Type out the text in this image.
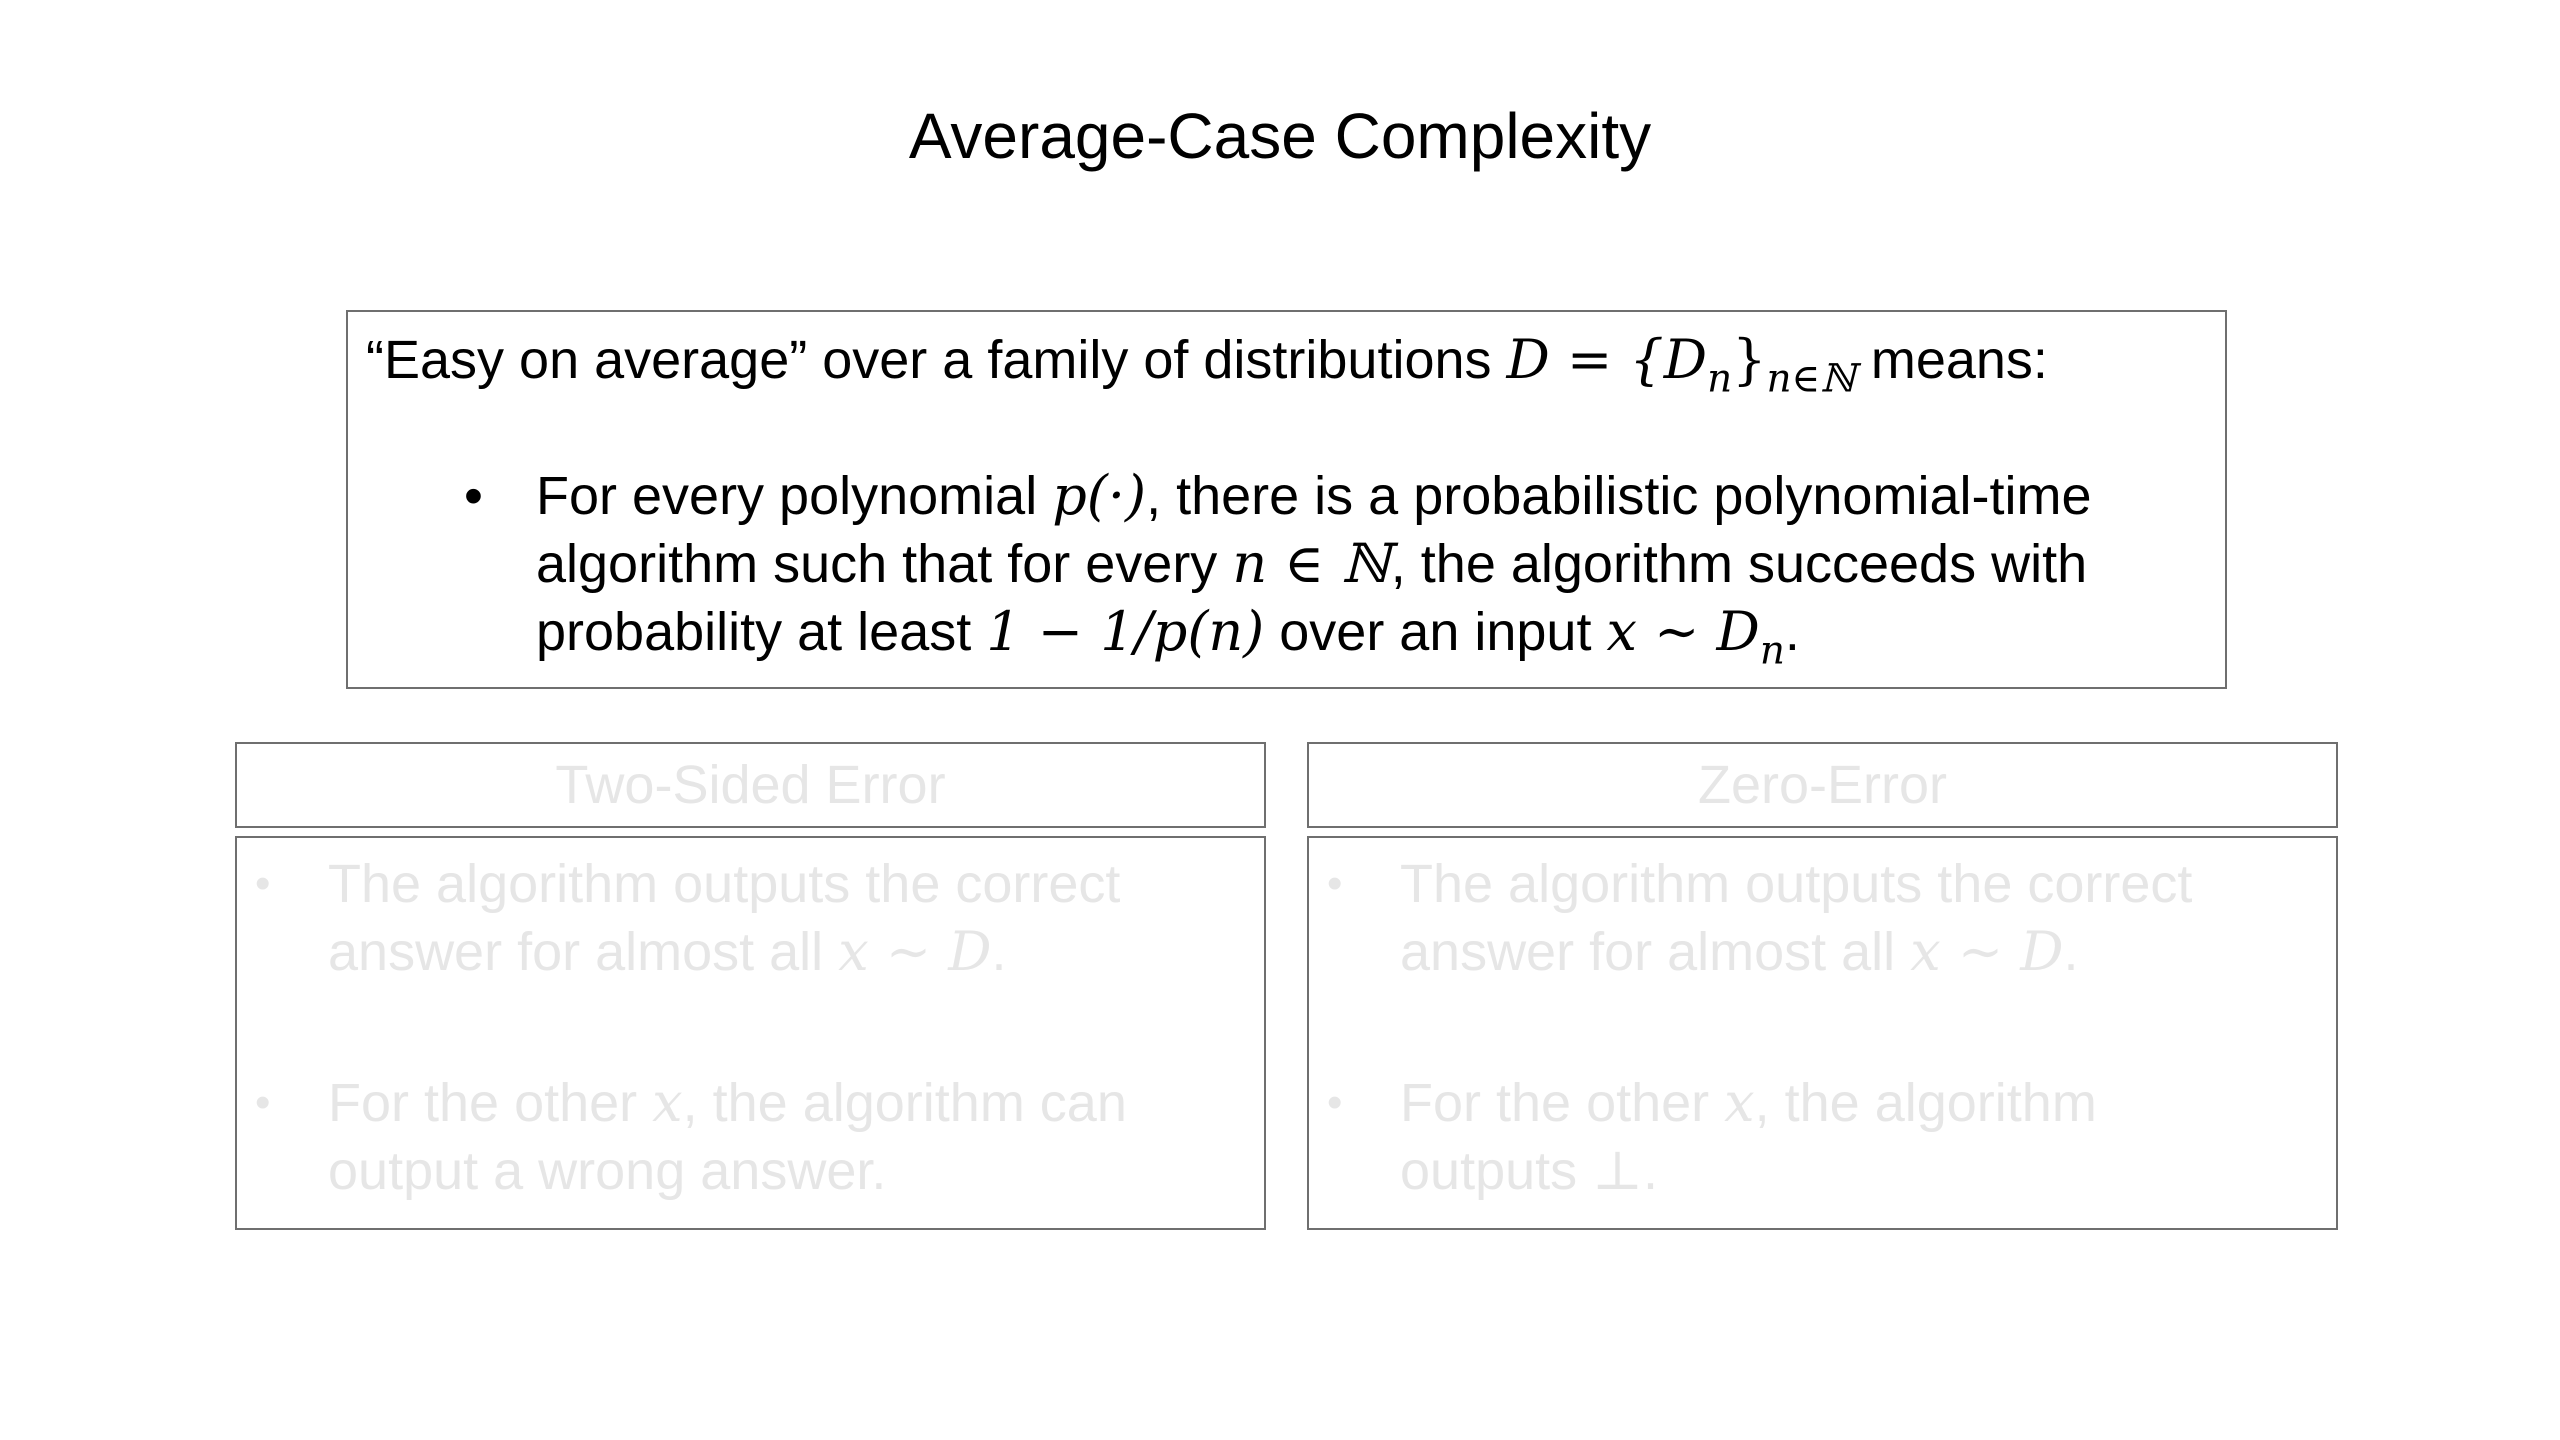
Average-Case Complexity
“Easy on average” over a family of distributions $D = \{D_n\}_{n\in ℕ}$ means:
• For every polynomial p(·), there is a probabilistic polynomial-time
algorithm such that for every n ∈ ℕ, the algorithm succeeds with
probability at least 1 − 1/p(n) over an input x ∼ $D_n$.
Two-Sided Error
• The algorithm outputs the correct
answer for almost all x ∼ D.
• For the other x, the algorithm can
output a wrong answer.
Zero-Error
• The algorithm outputs the correct
answer for almost all x ∼ D.
• For the other x, the algorithm
outputs ⊥.
